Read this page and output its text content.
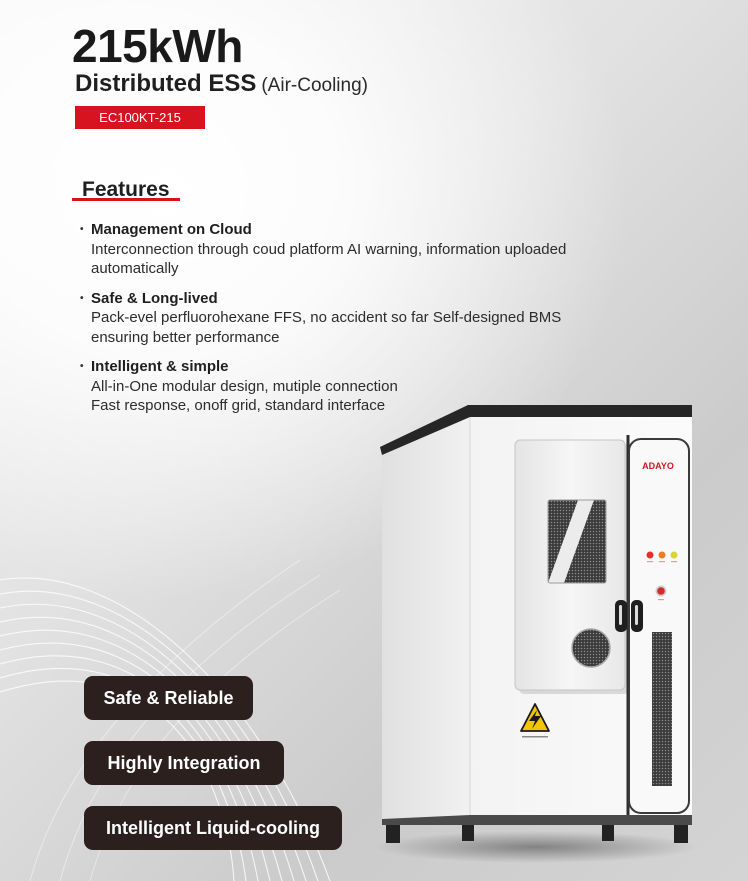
ADAYO
215kWh
Distributed ESS (Air-Cooling)
EC100KT-215
Features
• Management on Cloud
Interconnection through coud platform AI warning, information uploaded
automatically
• Safe & Long-lived
Pack-evel perfluorohexane FFS, no accident so far Self-designed BMS
ensuring better performance
• Intelligent & simple
All-in-One modular design, mutiple connection
Fast response, onoff grid, standard interface
Safe & Reliable
Highly Integration
Intelligent Liquid-cooling
